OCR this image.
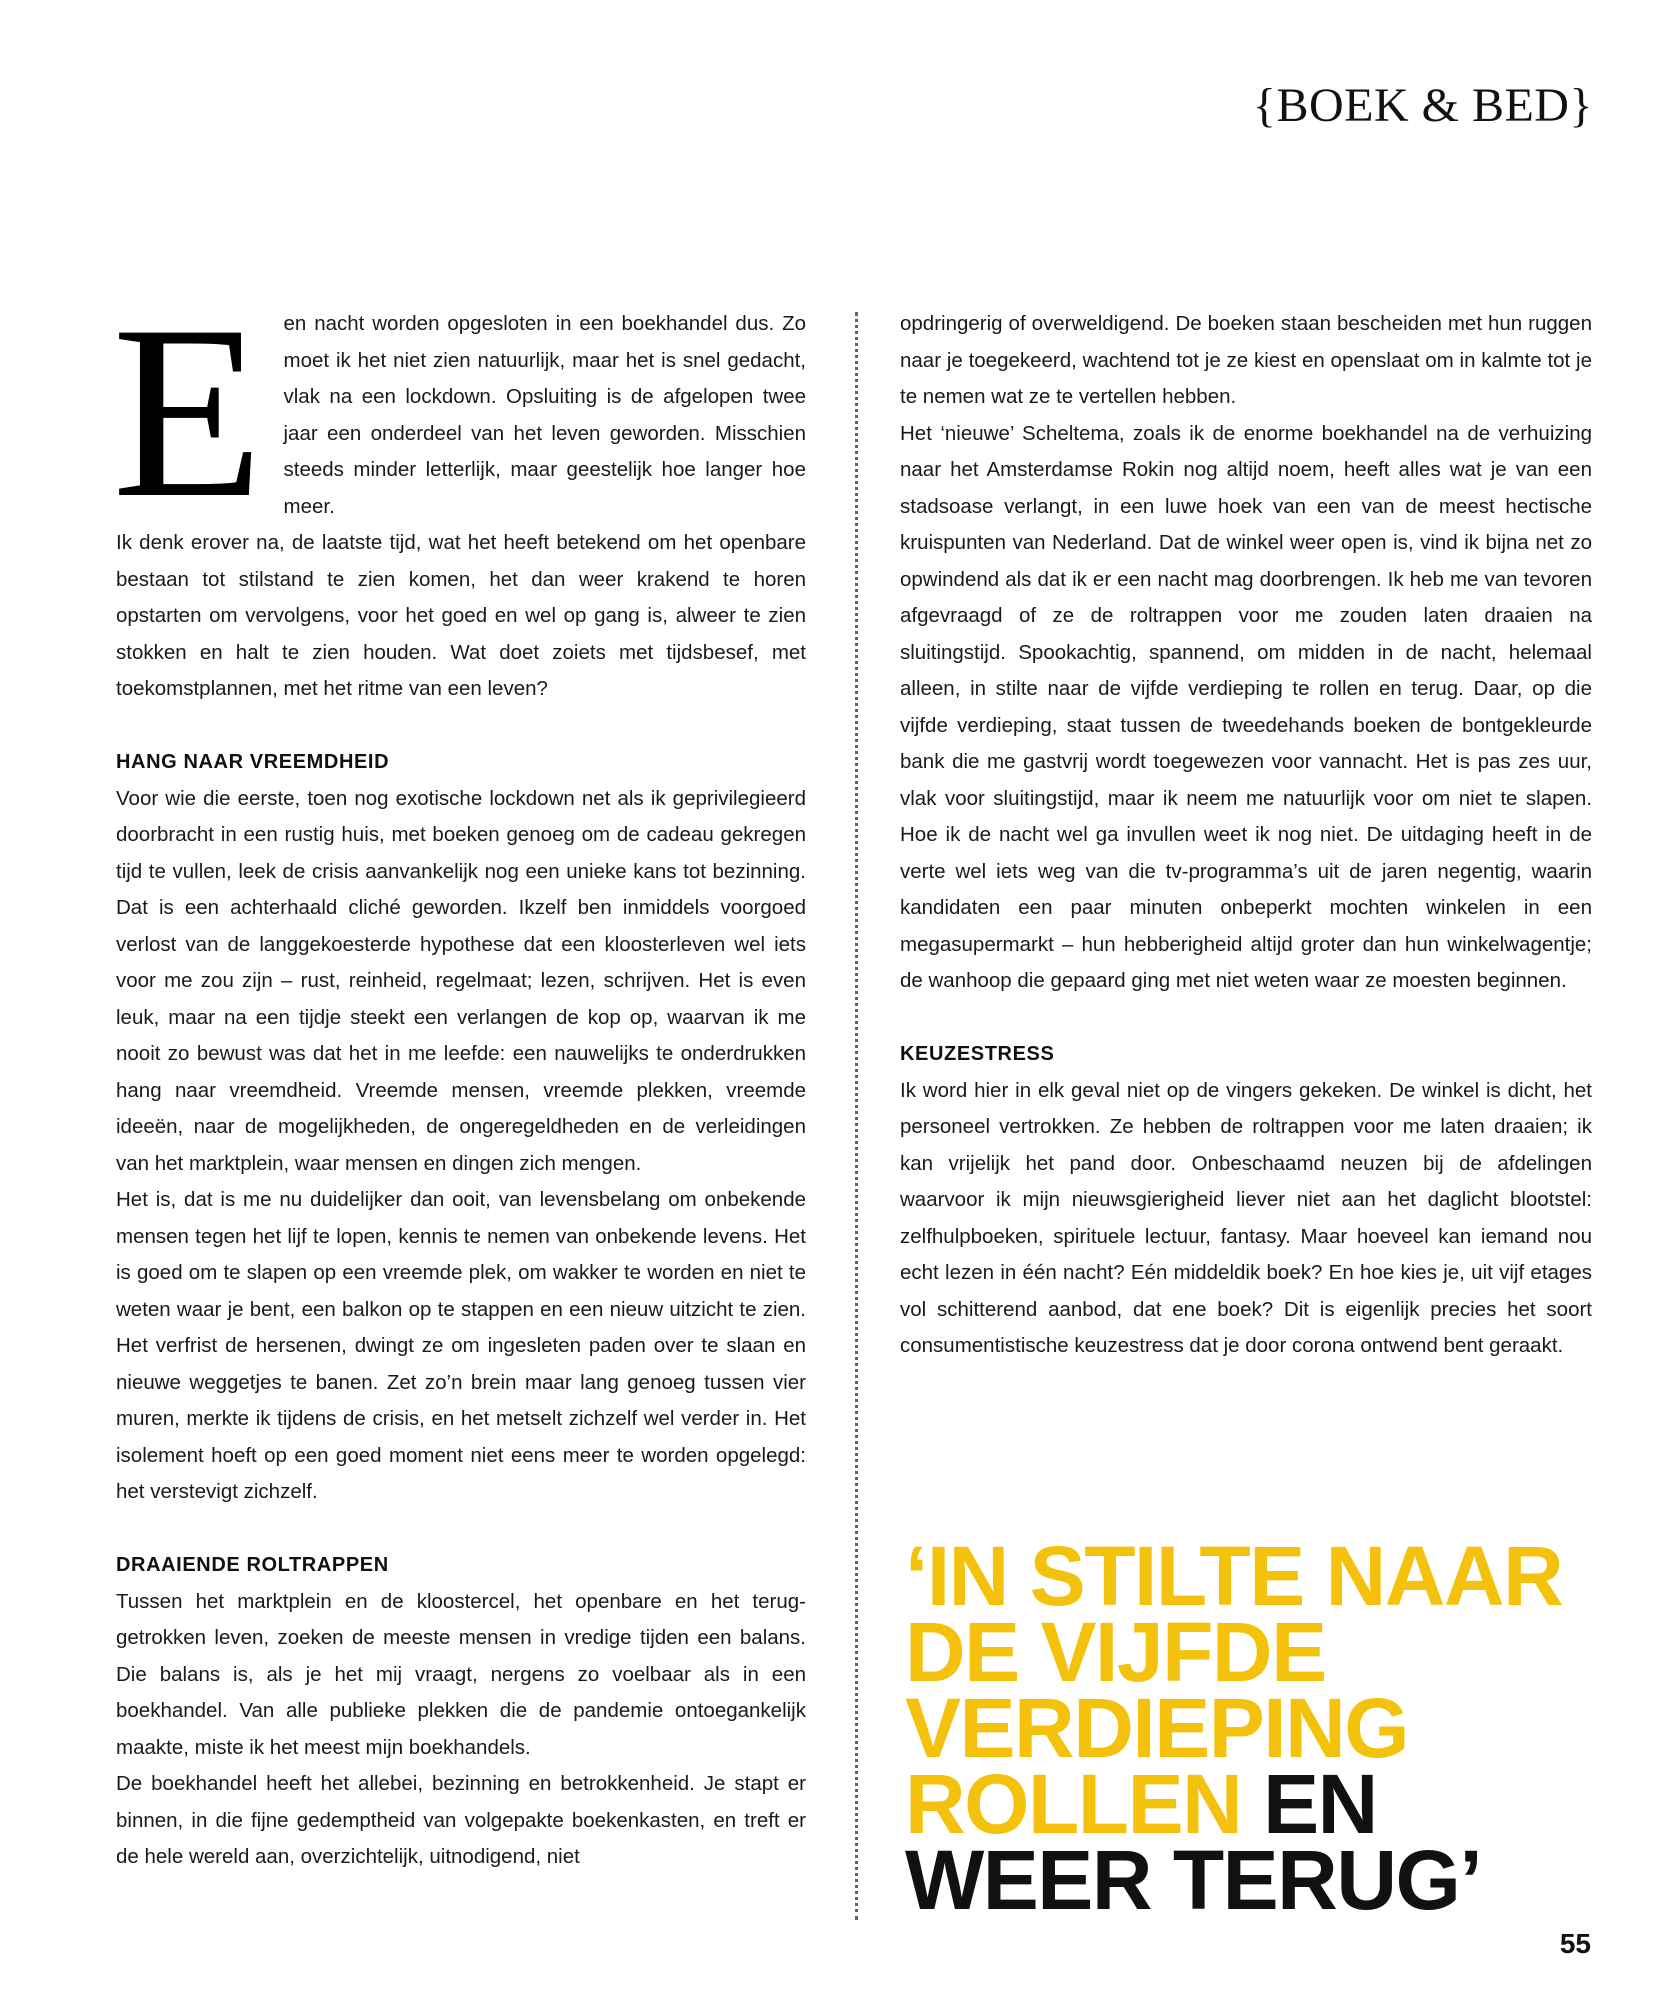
{BOEK & BED}

Een nacht worden opgesloten in een boekhandel dus. Zo moet ik het niet zien natuurlijk, maar het is snel gedacht, vlak na een lockdown. Opsluiting is de afgelopen twee jaar een onderdeel van het leven geworden. Misschien steeds minder letterlijk, maar geestelijk hoe langer hoe meer.

Ik denk erover na, de laatste tijd, wat het heeft betekend om het openbare bestaan tot stilstand te zien komen, het dan weer krakend te horen opstarten om vervolgens, voor het goed en wel op gang is, alweer te zien stokken en halt te zien houden. Wat doet zoiets met tijdsbesef, met toekomstplannen, met het ritme van een leven?

HANG NAAR VREEMDHEID

Voor wie die eerste, toen nog exotische lockdown net als ik geprivilegieerd doorbracht in een rustig huis, met boeken genoeg om de cadeau gekregen tijd te vullen, leek de crisis aanvankelijk nog een unieke kans tot bezinning. Dat is een achterhaald cliché geworden. Ikzelf ben inmiddels voorgoed verlost van de langgekoesterde hypothese dat een kloosterleven wel iets voor me zou zijn – rust, reinheid, regelmaat; lezen, schrijven. Het is even leuk, maar na een tijdje steekt een verlangen de kop op, waarvan ik me nooit zo bewust was dat het in me leefde: een nauwelijks te onderdrukken hang naar vreemdheid. Vreemde mensen, vreemde plekken, vreemde ideeën, naar de mogelijkheden, de ongeregeldheden en de verleidingen van het marktplein, waar mensen en dingen zich mengen.

Het is, dat is me nu duidelijker dan ooit, van levensbelang om onbekende mensen tegen het lijf te lopen, kennis te nemen van onbekende levens. Het is goed om te slapen op een vreemde plek, om wakker te worden en niet te weten waar je bent, een balkon op te stappen en een nieuw uitzicht te zien. Het verfrist de hersenen, dwingt ze om ingesleten paden over te slaan en nieuwe weggetjes te banen. Zet zo’n brein maar lang genoeg tussen vier muren, merkte ik tijdens de crisis, en het metselt zichzelf wel verder in. Het isolement hoeft op een goed moment niet eens meer te worden opgelegd: het verstevigt zichzelf.

DRAAIENDE ROLTRAPPEN

Tussen het marktplein en de kloostercel, het openbare en het teruggetrokken leven, zoeken de meeste mensen in vredige tijden een balans. Die balans is, als je het mij vraagt, nergens zo voelbaar als in een boekhandel. Van alle publieke plekken die de pandemie ontoegankelijk maakte, miste ik het meest mijn boekhandels.

De boekhandel heeft het allebei, bezinning en betrokkenheid. Je stapt er binnen, in die fijne gedemptheid van volgepakte boekenkasten, en treft er de hele wereld aan, overzichtelijk, uitnodigend, niet

opdringerig of overweldigend. De boeken staan bescheiden met hun ruggen naar je toegekeerd, wachtend tot je ze kiest en openslaat om in kalmte tot je te nemen wat ze te vertellen hebben.

Het ‘nieuwe’ Scheltema, zoals ik de enorme boekhandel na de verhuizing naar het Amsterdamse Rokin nog altijd noem, heeft alles wat je van een stadsoase verlangt, in een luwe hoek van een van de meest hectische kruispunten van Nederland. Dat de winkel weer open is, vind ik bijna net zo opwindend als dat ik er een nacht mag doorbrengen. Ik heb me van tevoren afgevraagd of ze de roltrappen voor me zouden laten draaien na sluitingstijd. Spookachtig, spannend, om midden in de nacht, helemaal alleen, in stilte naar de vijfde verdieping te rollen en terug. Daar, op die vijfde verdieping, staat tussen de tweedehands boeken de bontgekleurde bank die me gastvrij wordt toegewezen voor vannacht. Het is pas zes uur, vlak voor sluitingstijd, maar ik neem me natuurlijk voor om niet te slapen. Hoe ik de nacht wel ga invullen weet ik nog niet. De uitdaging heeft in de verte wel iets weg van die tv-programma’s uit de jaren negentig, waarin kandidaten een paar minuten onbeperkt mochten winkelen in een megasupermarkt – hun hebberigheid altijd groter dan hun winkelwagentje; de wanhoop die gepaard ging met niet weten waar ze moesten beginnen.

KEUZESTRESS

Ik word hier in elk geval niet op de vingers gekeken. De winkel is dicht, het personeel vertrokken. Ze hebben de roltrappen voor me laten draaien; ik kan vrijelijk het pand door. Onbeschaamd neuzen bij de afdelingen waarvoor ik mijn nieuwsgierigheid liever niet aan het daglicht blootstel: zelfhulpboeken, spirituele lectuur, fantasy. Maar hoeveel kan iemand nou echt lezen in één nacht? Eén middeldik boek? En hoe kies je, uit vijf etages vol schitterend aanbod, dat ene boek? Dit is eigenlijk precies het soort consumentistische keuzestress dat je door corona ontwend bent geraakt.

‘IN STILTE NAAR DE VIJFDE VERDIEPING ROLLEN EN WEER TERUG’

55
